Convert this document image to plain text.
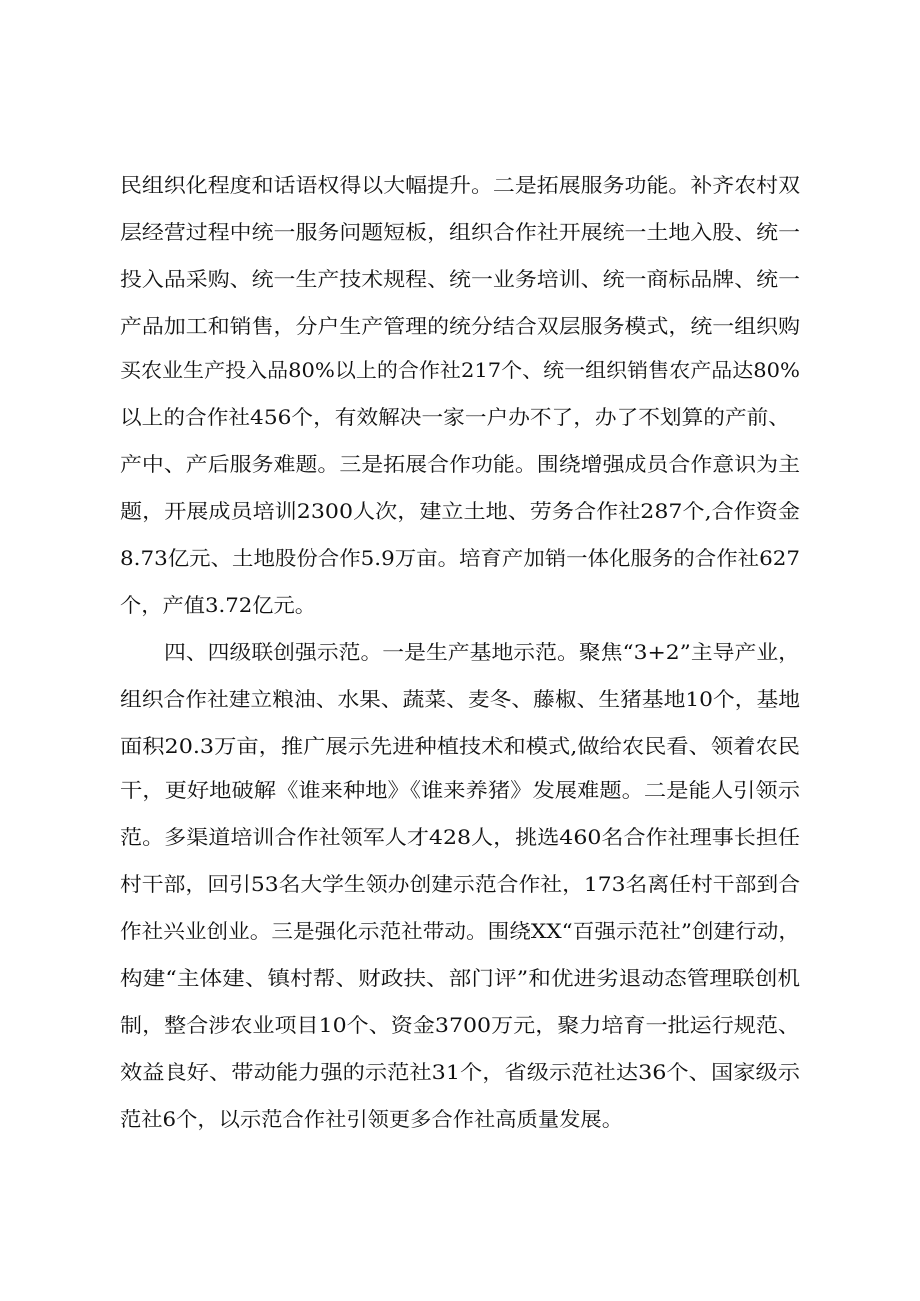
民组织化程度和话语权得以大幅提升。二是拓展服务功能。补齐农村双
层经营过程中统一服务问题短板，组织合作社开展统一土地入股、统一
投入品采购、统一生产技术规程、统一业务培训、统一商标品牌、统一
产品加工和销售，分户生产管理的统分结合双层服务模式，统一组织购
买农业生产投入品80%以上的合作社217个、统一组织销售农产品达80%
以上的合作社456个，有效解决一家一户办不了，办了不划算的产前、
产中、产后服务难题。三是拓展合作功能。围绕增强成员合作意识为主
题，开展成员培训2300人次，建立土地、劳务合作社287个,合作资金
8.73亿元、土地股份合作5.9万亩。培育产加销一体化服务的合作社627
个，产值3.72亿元。
四、四级联创强示范。一是生产基地示范。聚焦“3+2”主导产业，
组织合作社建立粮油、水果、蔬菜、麦冬、藤椒、生猪基地10个，基地
面积20.3万亩，推广展示先进种植技术和模式,做给农民看、领着农民
干，更好地破解《谁来种地》《谁来养猪》发展难题。二是能人引领示
范。多渠道培训合作社领军人才428人，挑选460名合作社理事长担任
村干部，回引53名大学生领办创建示范合作社，173名离任村干部到合
作社兴业创业。三是强化示范社带动。围绕XX“百强示范社”创建行动，
构建“主体建、镇村帮、财政扶、部门评”和优进劣退动态管理联创机
制，整合涉农业项目10个、资金3700万元，聚力培育一批运行规范、
效益良好、带动能力强的示范社31个，省级示范社达36个、国家级示
范社6个，以示范合作社引领更多合作社高质量发展。
